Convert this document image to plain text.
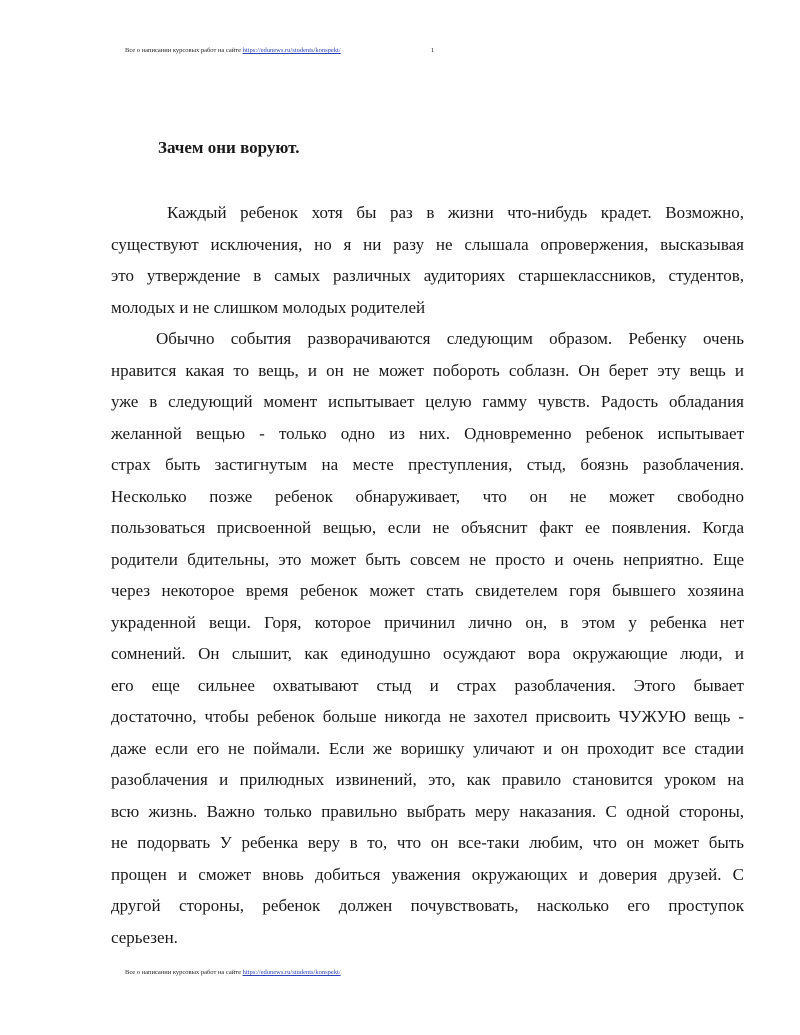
Все о написании курсовых работ на сайте https://edunews.ru/students/konspekt/	1
Зачем они воруют.
Каждый ребенок хотя бы раз в жизни что-нибудь крадет. Возможно,
существуют исключения, но я ни разу не слышала опровержения, высказывая
это утверждение в самых различных аудиториях старшеклассников, студентов,
молодых и не слишком молодых родителей
Обычно события разворачиваются следующим образом. Ребенку очень
нравится какая то вещь, и он не может побороть соблазн. Он берет эту вещь и
уже в следующий момент испытывает целую гамму чувств. Радость обладания
желанной вещью - только одно из них. Одновременно ребенок испытывает
страх быть застигнутым на месте преступления, стыд, боязнь разоблачения.
Несколько позже ребенок обнаруживает, что он не может свободно
пользоваться присвоенной вещью, если не объяснит факт ее появления. Когда
родители бдительны, это может быть совсем не просто и очень неприятно. Еще
через некоторое время ребенок может стать свидетелем горя бывшего хозяина
украденной вещи. Горя, которое причинил лично он, в этом у ребенка нет
сомнений. Он слышит, как единодушно осуждают вора окружающие люди, и
его еще сильнее охватывают стыд и страх разоблачения. Этого бывает
достаточно, чтобы ребенок больше никогда не захотел присвоить ЧУЖУЮ вещь -
даже если его не поймали. Если же воришку уличают и он проходит все стадии
разоблачения и прилюдных извинений, это, как правило становится уроком на
всю жизнь. Важно только правильно выбрать меру наказания. С одной стороны,
не подорвать У ребенка веру в то, что он все-таки любим, что он может быть
прощен и сможет вновь добиться уважения окружающих и доверия друзей. С
другой стороны, ребенок должен почувствовать, насколько его проступок
серьезен.
Все о написании курсовых работ на сайте https://edunews.ru/students/konspekt/
